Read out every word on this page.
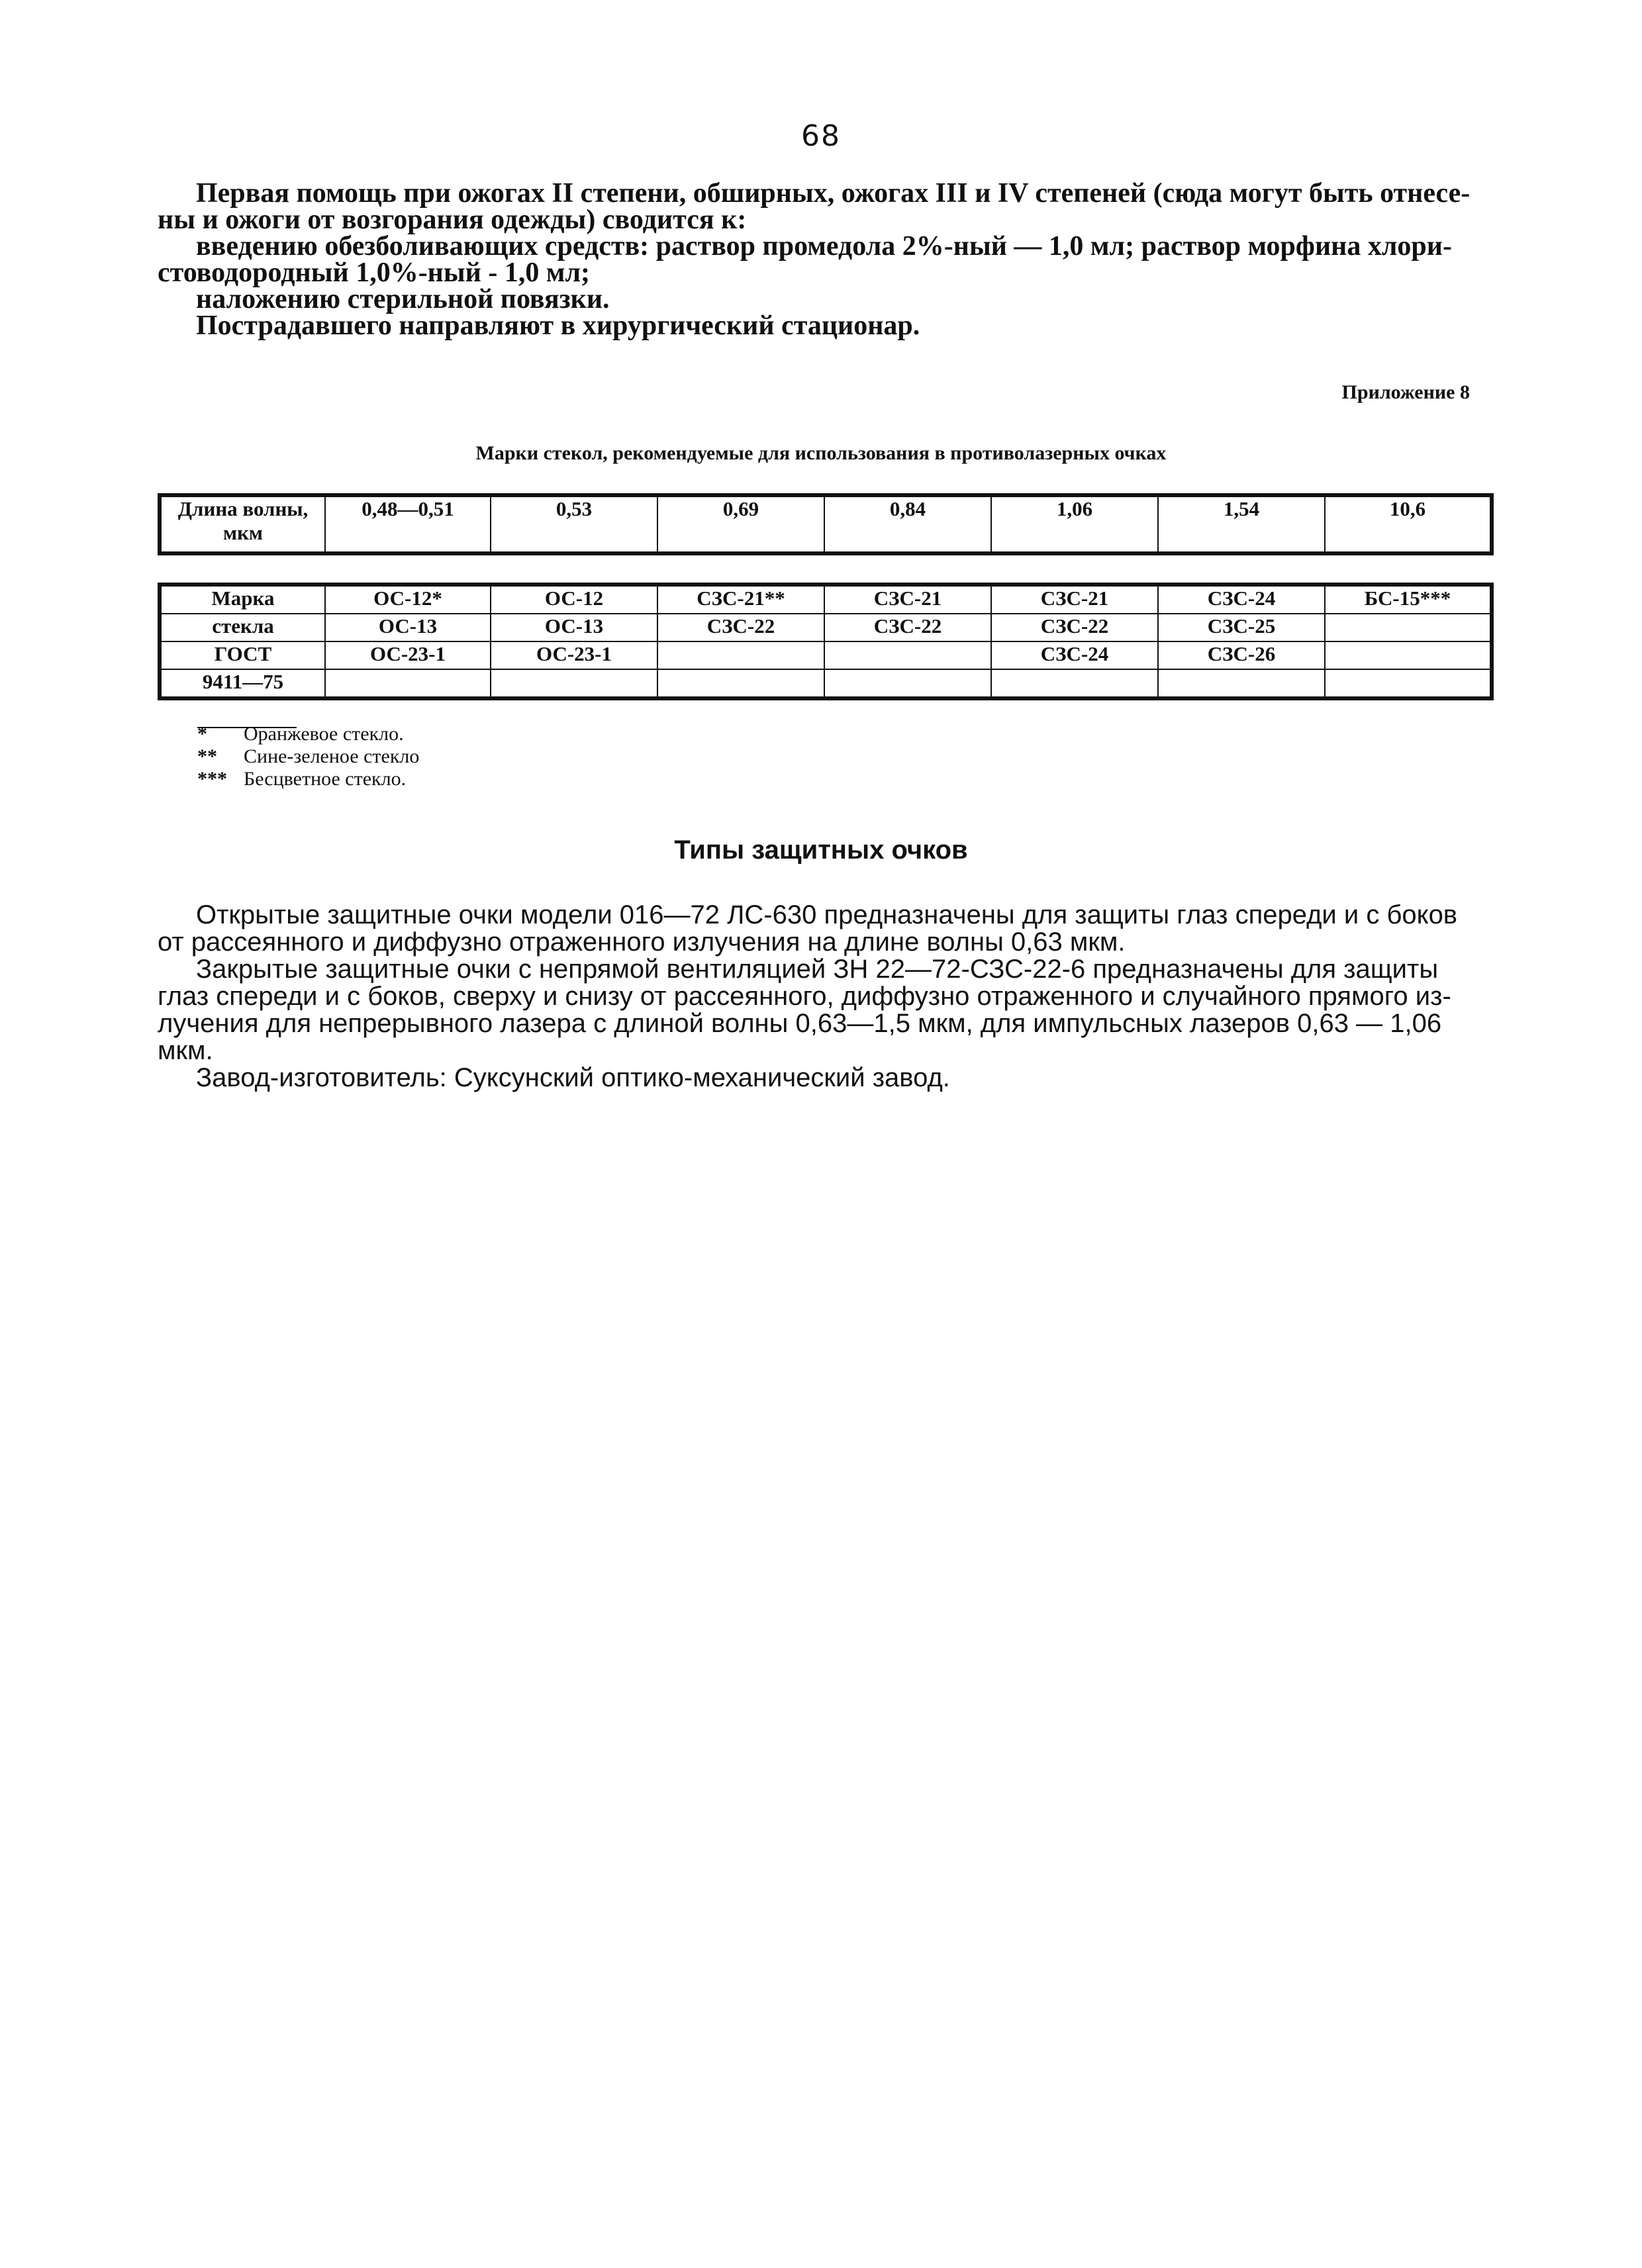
68

Первая помощь при ожогах II степени, обширных, ожогах III и IV степеней (сюда могут быть отнесе-ны и ожоги от возгорания одежды) сводится к:

введению обезболивающих средств: раствор промедола 2%-ный — 1,0 мл; раствор морфина хлори-стоводородный 1,0%-ный - 1,0 мл;

наложению стерильной повязки.

Пострадавшего направляют в хирургический стационар.

Приложение 8
Марки стекол, рекомендуемые для использования в противолазерных очках
Длина волны, мкм	0,48—0,51	0,53	0,69	0,84	1,06	1,54	10,6
Марка	ОС-12*	ОС-12	СЗС-21**	СЗС-21	СЗС-21	СЗС-24	БС-15***
стекла	ОС-13	ОС-13	СЗС-22	СЗС-22	СЗС-22	СЗС-25	
ГОСТ	ОС-23-1	ОС-23-1			СЗС-24	СЗС-26	
9411—75							
*	Оранжевое стекло.
**	Сине-зеленое стекло
*** Бесцветное стекло.
Типы защитных очков

Открытые защитные очки модели 016—72 ЛС-630 предназначены для защиты глаз спереди и с боков от рассеянного и диффузно отраженного излучения на длине волны 0,63 мкм.

Закрытые защитные очки с непрямой вентиляцией ЗН 22—72-СЗС-22-6 предназначены для защиты глаз спереди и с боков, сверху и снизу от рассеянного, диффузно отраженного и случайного прямого из-лучения для непрерывного лазера с длиной волны 0,63—1,5 мкм, для импульсных лазеров 0,63 — 1,06 мкм.

Завод-изготовитель: Суксунский оптико-механический завод.
